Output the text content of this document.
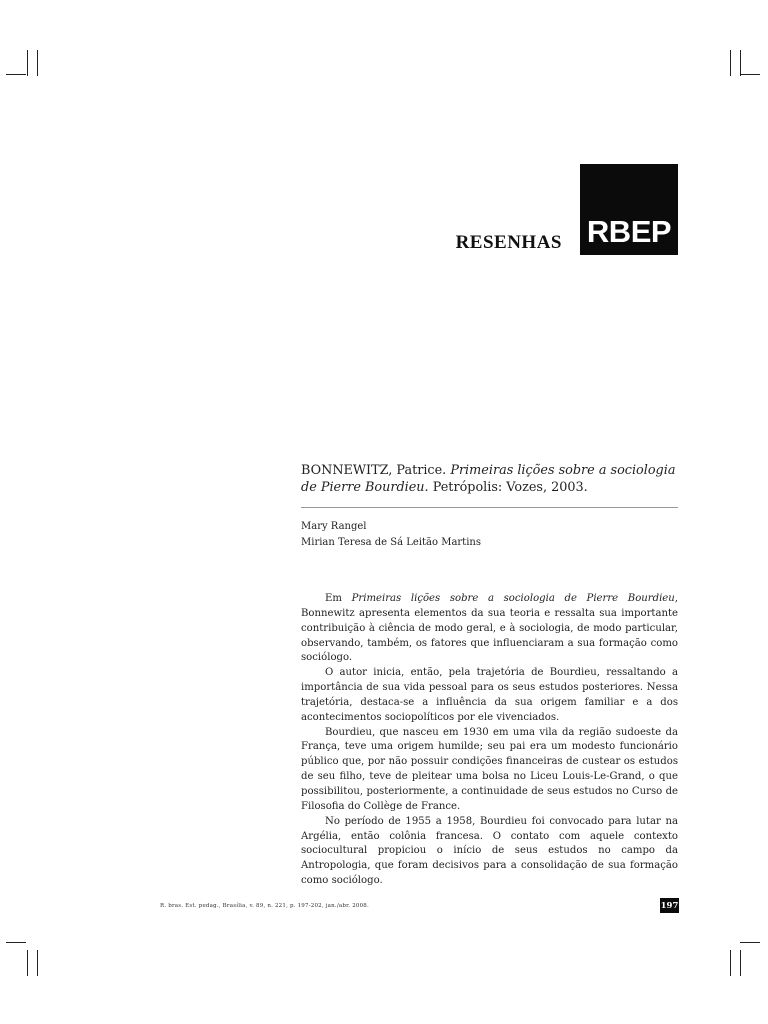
RESENHAS RBEP
BONNEWITZ, Patrice. Primeiras lições sobre a sociologia de Pierre Bourdieu. Petrópolis: Vozes, 2003.
Mary Rangel
Mirian Teresa de Sá Leitão Martins

Em Primeiras lições sobre a sociologia de Pierre Bourdieu, Bonnewitz apresenta elementos da sua teoria e ressalta sua importante contribuição à ciência de modo geral, e à sociologia, de modo particular, observando, também, os fatores que influenciaram a sua formação como sociólogo.

O autor inicia, então, pela trajetória de Bourdieu, ressaltando a importância de sua vida pessoal para os seus estudos posteriores. Nessa trajetória, destaca-se a influência da sua origem familiar e a dos acontecimentos sociopolíticos por ele vivenciados.

Bourdieu, que nasceu em 1930 em uma vila da região sudoeste da França, teve uma origem humilde; seu pai era um modesto funcionário público que, por não possuir condições financeiras de custear os estudos de seu filho, teve de pleitear uma bolsa no Liceu Louis-Le-Grand, o que possibilitou, posteriormente, a continuidade de seus estudos no Curso de Filosofia do Collège de France.

No período de 1955 a 1958, Bourdieu foi convocado para lutar na Argélia, então colônia francesa. O contato com aquele contexto sociocultural propiciou o início de seus estudos no campo da Antropologia, que foram decisivos para a consolidação de sua formação como sociólogo.

R. bras. Est. pedag., Brasília, v. 89, n. 221, p. 197-202, jan./abr. 2008.	197
